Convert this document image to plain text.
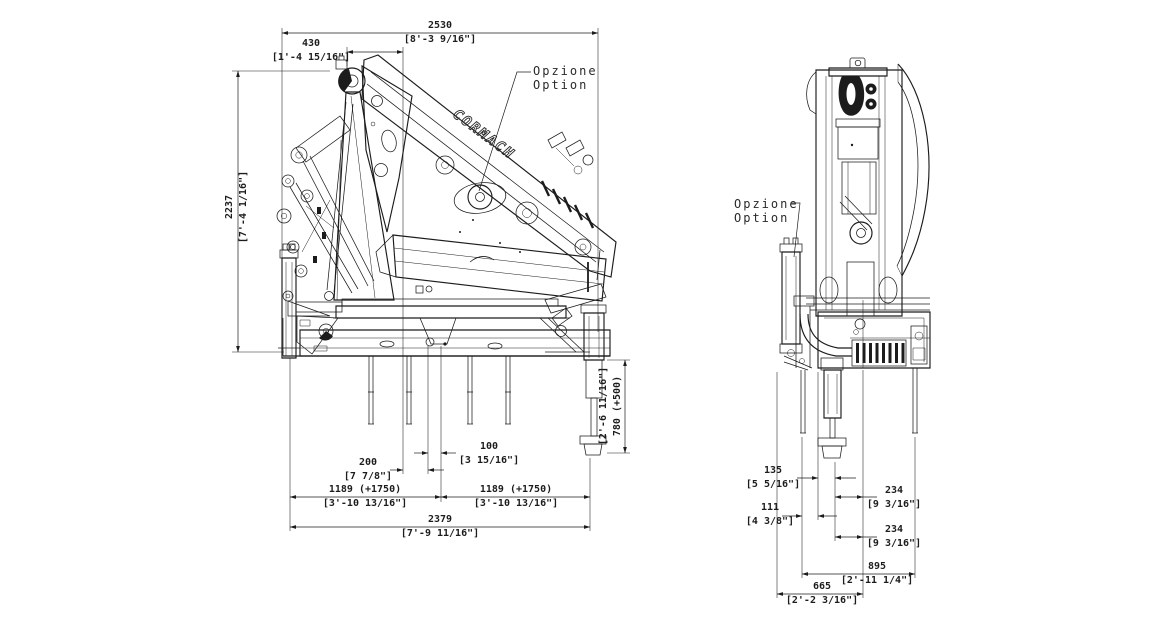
CORMACH
2530
[8'-3 9/16"]
430
[1'-4 15/16"]
2237 [7'-4 1/16"]
[2'-6 11/16"] 780 (+500)
200
[7 7/8"]
100
[3 15/16"]
1189 (+1750)
[3'-10 13/16"]
1189 (+1750)
[3'-10 13/16"]
2379
[7'-9 11/16"]
135
[5 5/16"]
111
[4 3/8"]
234
[9 3/16"]
234
[9 3/16"]
895
[2'-11 1/4"]
665
[2'-2 3/16"]
Opzione
Option
Opzione
Option
